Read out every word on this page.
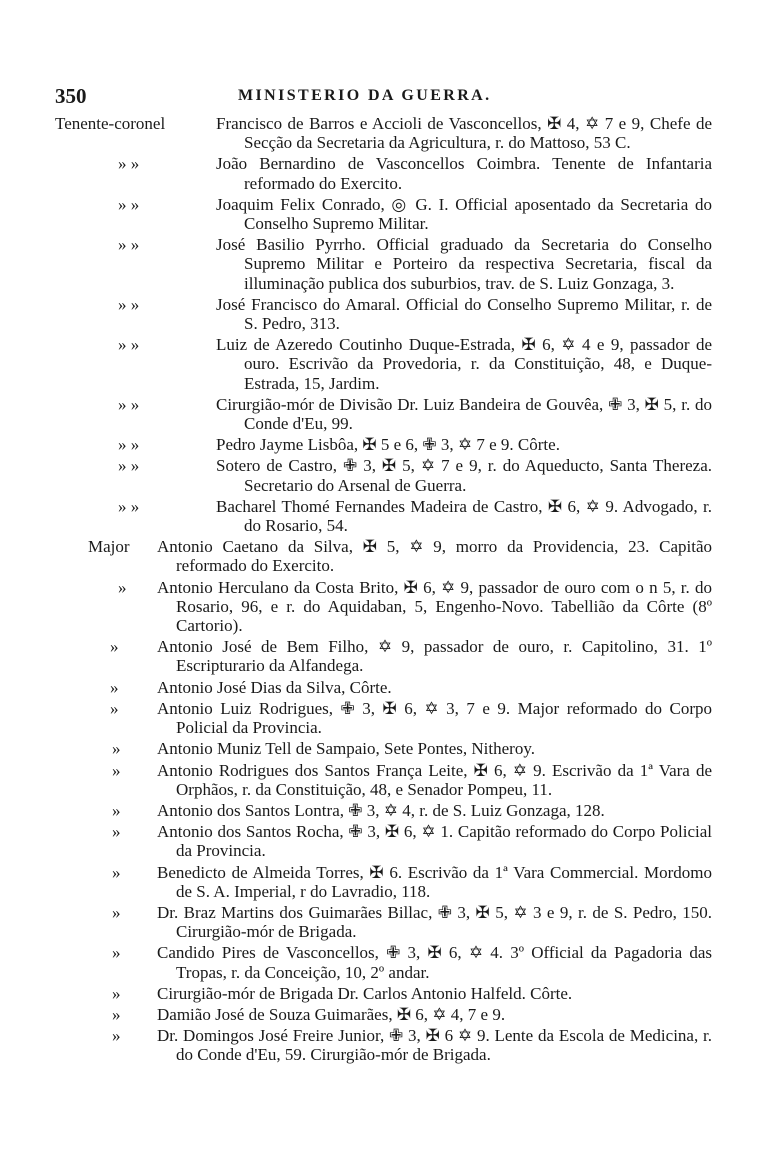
350	MINISTERIO DA GUERRA.
Tenente-coronel	Francisco de Barros e Accioli de Vasconcellos, ✠ 4, ✡ 7 e 9, Chefe de Secção da Secretaria da Agricultura, r. do Mattoso, 53 C.
» »	João Bernardino de Vasconcellos Coimbra. Tenente de Infantaria reformado do Exercito.
» »	Joaquim Felix Conrado, ◎ G. I. Official aposentado da Secretaria do Conselho Supremo Militar.
» »	José Basilio Pyrrho. Official graduado da Secretaria do Conselho Supremo Militar e Porteiro da respectiva Secretaria, fiscal da illuminação publica dos suburbios, trav. de S. Luiz Gonzaga, 3.
» »	José Francisco do Amaral. Official do Conselho Supremo Militar, r. de S. Pedro, 313.
» »	Luiz de Azeredo Coutinho Duque-Estrada, ✠ 6, ✡ 4 e 9, passador de ouro. Escrivão da Provedoria, r. da Constituição, 48, e Duque-Estrada, 15, Jardim.
» »	Cirurgião-mór de Divisão Dr. Luiz Bandeira de Gouvêa, ✙ 3, ✠ 5, r. do Conde d'Eu, 99.
» »	Pedro Jayme Lisbôa, ✠ 5 e 6, ✙ 3, ✡ 7 e 9. Côrte.
» »	Sotero de Castro, ✙ 3, ✠ 5, ✡ 7 e 9, r. do Aqueducto, Santa Thereza. Secretario do Arsenal de Guerra.
» »	Bacharel Thomé Fernandes Madeira de Castro, ✠ 6, ✡ 9. Advogado, r. do Rosario, 54.
Major Antonio Caetano da Silva, ✠ 5, ✡ 9, morro da Providencia, 23. Capitão reformado do Exercito.
» Antonio Herculano da Costa Brito, ✠ 6, ✡ 9, passador de ouro com o n 5, r. do Rosario, 96, e r. do Aquidaban, 5, Engenho-Novo. Tabellião da Côrte (8º Cartorio).
» Antonio José de Bem Filho, ✡ 9, passador de ouro, r. Capitolino, 31. 1º Escripturario da Alfandega.
» Antonio José Dias da Silva, Côrte.
» Antonio Luiz Rodrigues, ✙ 3, ✠ 6, ✡ 3, 7 e 9. Major reformado do Corpo Policial da Provincia.
» Antonio Muniz Tell de Sampaio, Sete Pontes, Nitheroy.
» Antonio Rodrigues dos Santos França Leite, ✠ 6, ✡ 9. Escrivão da 1ª Vara de Orphãos, r. da Constituição, 48, e Senador Pompeu, 11.
» Antonio dos Santos Lontra, ✙ 3, ✡ 4, r. de S. Luiz Gonzaga, 128.
» Antonio dos Santos Rocha, ✙ 3, ✠ 6, ✡ 1. Capitão reformado do Corpo Policial da Provincia.
» Benedicto de Almeida Torres, ✠ 6. Escrivão da 1ª Vara Commercial. Mordomo de S. A. Imperial, r do Lavradio, 118.
» Dr. Braz Martins dos Guimarães Billac, ✙ 3, ✠ 5, ✡ 3 e 9, r. de S. Pedro, 150. Cirurgião-mór de Brigada.
» Candido Pires de Vasconcellos, ✙ 3, ✠ 6, ✡ 4. 3º Official da Pagadoria das Tropas, r. da Conceição, 10, 2º andar.
» Cirurgião-mór de Brigada Dr. Carlos Antonio Halfeld. Côrte.
» Damião José de Souza Guimarães, ✠ 6, ✡ 4, 7 e 9.
» Dr. Domingos José Freire Junior, ✙ 3, ✠ 6 ✡ 9. Lente da Escola de Medicina, r. do Conde d'Eu, 59. Cirurgião-mór de Brigada.
